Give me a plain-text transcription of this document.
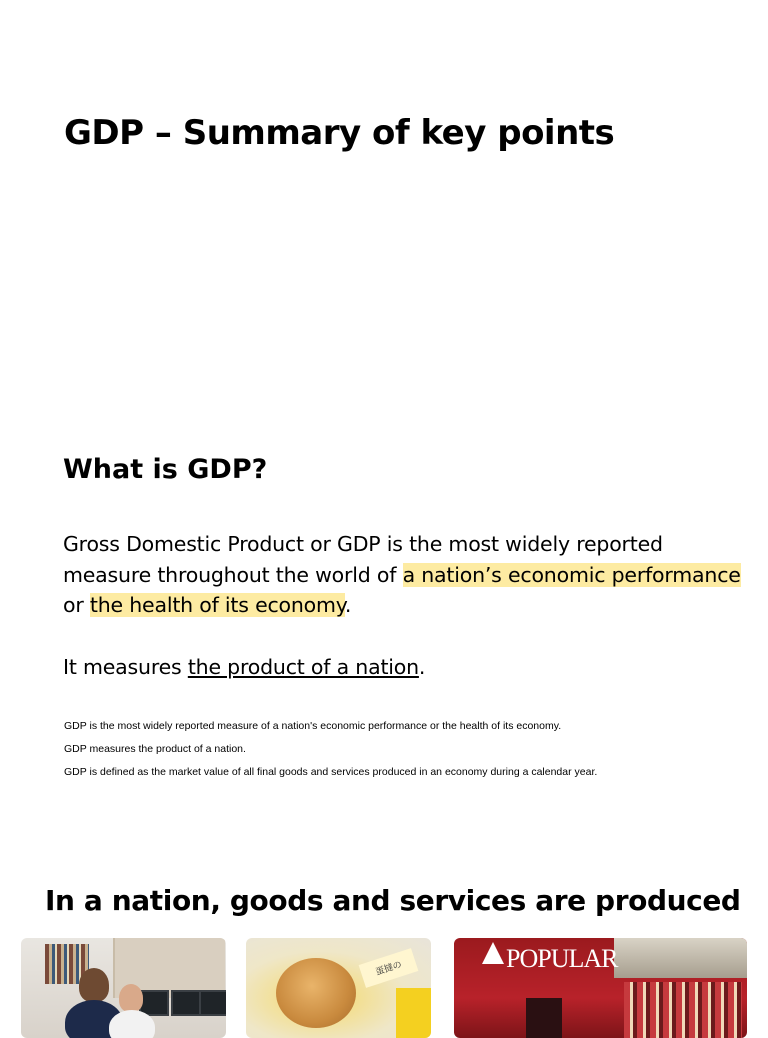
GDP – Summary of key points
What is GDP?

Gross Domestic Product or GDP is the most widely reported measure throughout the world of a nation’s economic performance or the health of its economy.

It measures the product of a nation.

GDP is the most widely reported measure of a nation's economic performance or the health of its economy.
GDP measures the product of a nation.
GDP is defined as the market value of all final goods and services produced in an economy during a calendar year.
In a nation, goods and services are produced
蛋撻の	POPULAR
